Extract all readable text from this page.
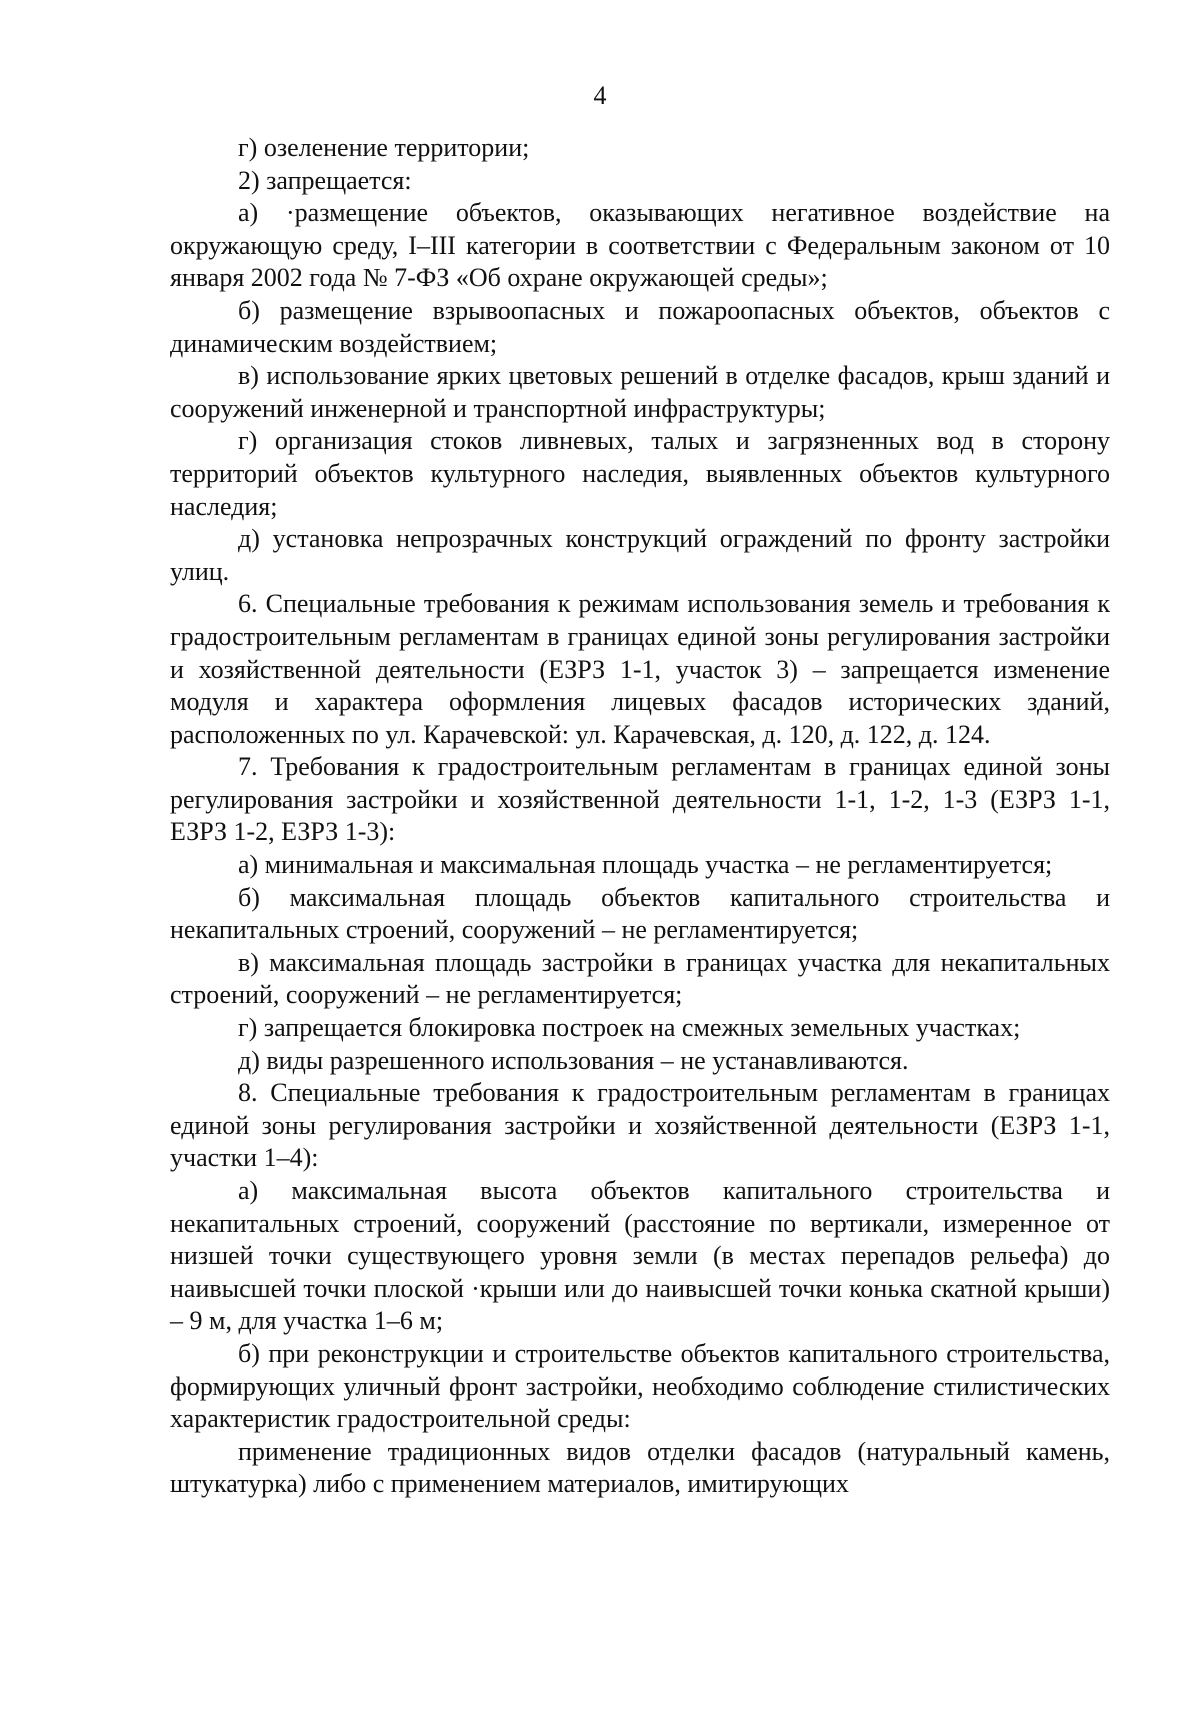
4

г) озеленение территории;

2) запрещается:

а) ·размещение объектов, оказывающих негативное воздействие на окружающую среду, I–III категории в соответствии с Федеральным законом от 10 января 2002 года № 7-ФЗ «Об охране окружающей среды»;

б) размещение взрывоопасных и пожароопасных объектов, объектов с динамическим воздействием;

в) использование ярких цветовых решений в отделке фасадов, крыш зданий и сооружений инженерной и транспортной инфраструктуры;

г) организация стоков ливневых, талых и загрязненных вод в сторону территорий объектов культурного наследия, выявленных объектов культурного наследия;

д) установка непрозрачных конструкций ограждений по фронту застройки улиц.

6. Специальные требования к режимам использования земель и требования к градостроительным регламентам в границах единой зоны регулирования застройки и хозяйственной деятельности (ЕЗРЗ 1-1, участок 3) – запрещается изменение модуля и характера оформления лицевых фасадов исторических зданий, расположенных по ул. Карачевской: ул. Карачевская, д. 120, д. 122, д. 124.

7. Требования к градостроительным регламентам в границах единой зоны регулирования застройки и хозяйственной деятельности 1-1, 1-2, 1-3 (ЕЗРЗ 1-1, ЕЗРЗ 1-2, ЕЗРЗ 1-3):

а) минимальная и максимальная площадь участка – не регламентируется;

б) максимальная площадь объектов капитального строительства и некапитальных строений, сооружений – не регламентируется;

в) максимальная площадь застройки в границах участка для некапитальных строений, сооружений – не регламентируется;

г) запрещается блокировка построек на смежных земельных участках;

д) виды разрешенного использования – не устанавливаются.

8. Специальные требования к градостроительным регламентам в границах единой зоны регулирования застройки и хозяйственной деятельности (ЕЗРЗ 1-1, участки 1–4):

а) максимальная высота объектов капитального строительства и некапитальных строений, сооружений (расстояние по вертикали, измеренное от низшей точки существующего уровня земли (в местах перепадов рельефа) до наивысшей точки плоской ·крыши или до наивысшей точки конька скатной крыши) – 9 м, для участка 1–6 м;

б) при реконструкции и строительстве объектов капитального строительства, формирующих уличный фронт застройки, необходимо соблюдение стилистических характеристик градостроительной среды:

применение традиционных видов отделки фасадов (натуральный камень, штукатурка) либо с применением материалов, имитирующих
